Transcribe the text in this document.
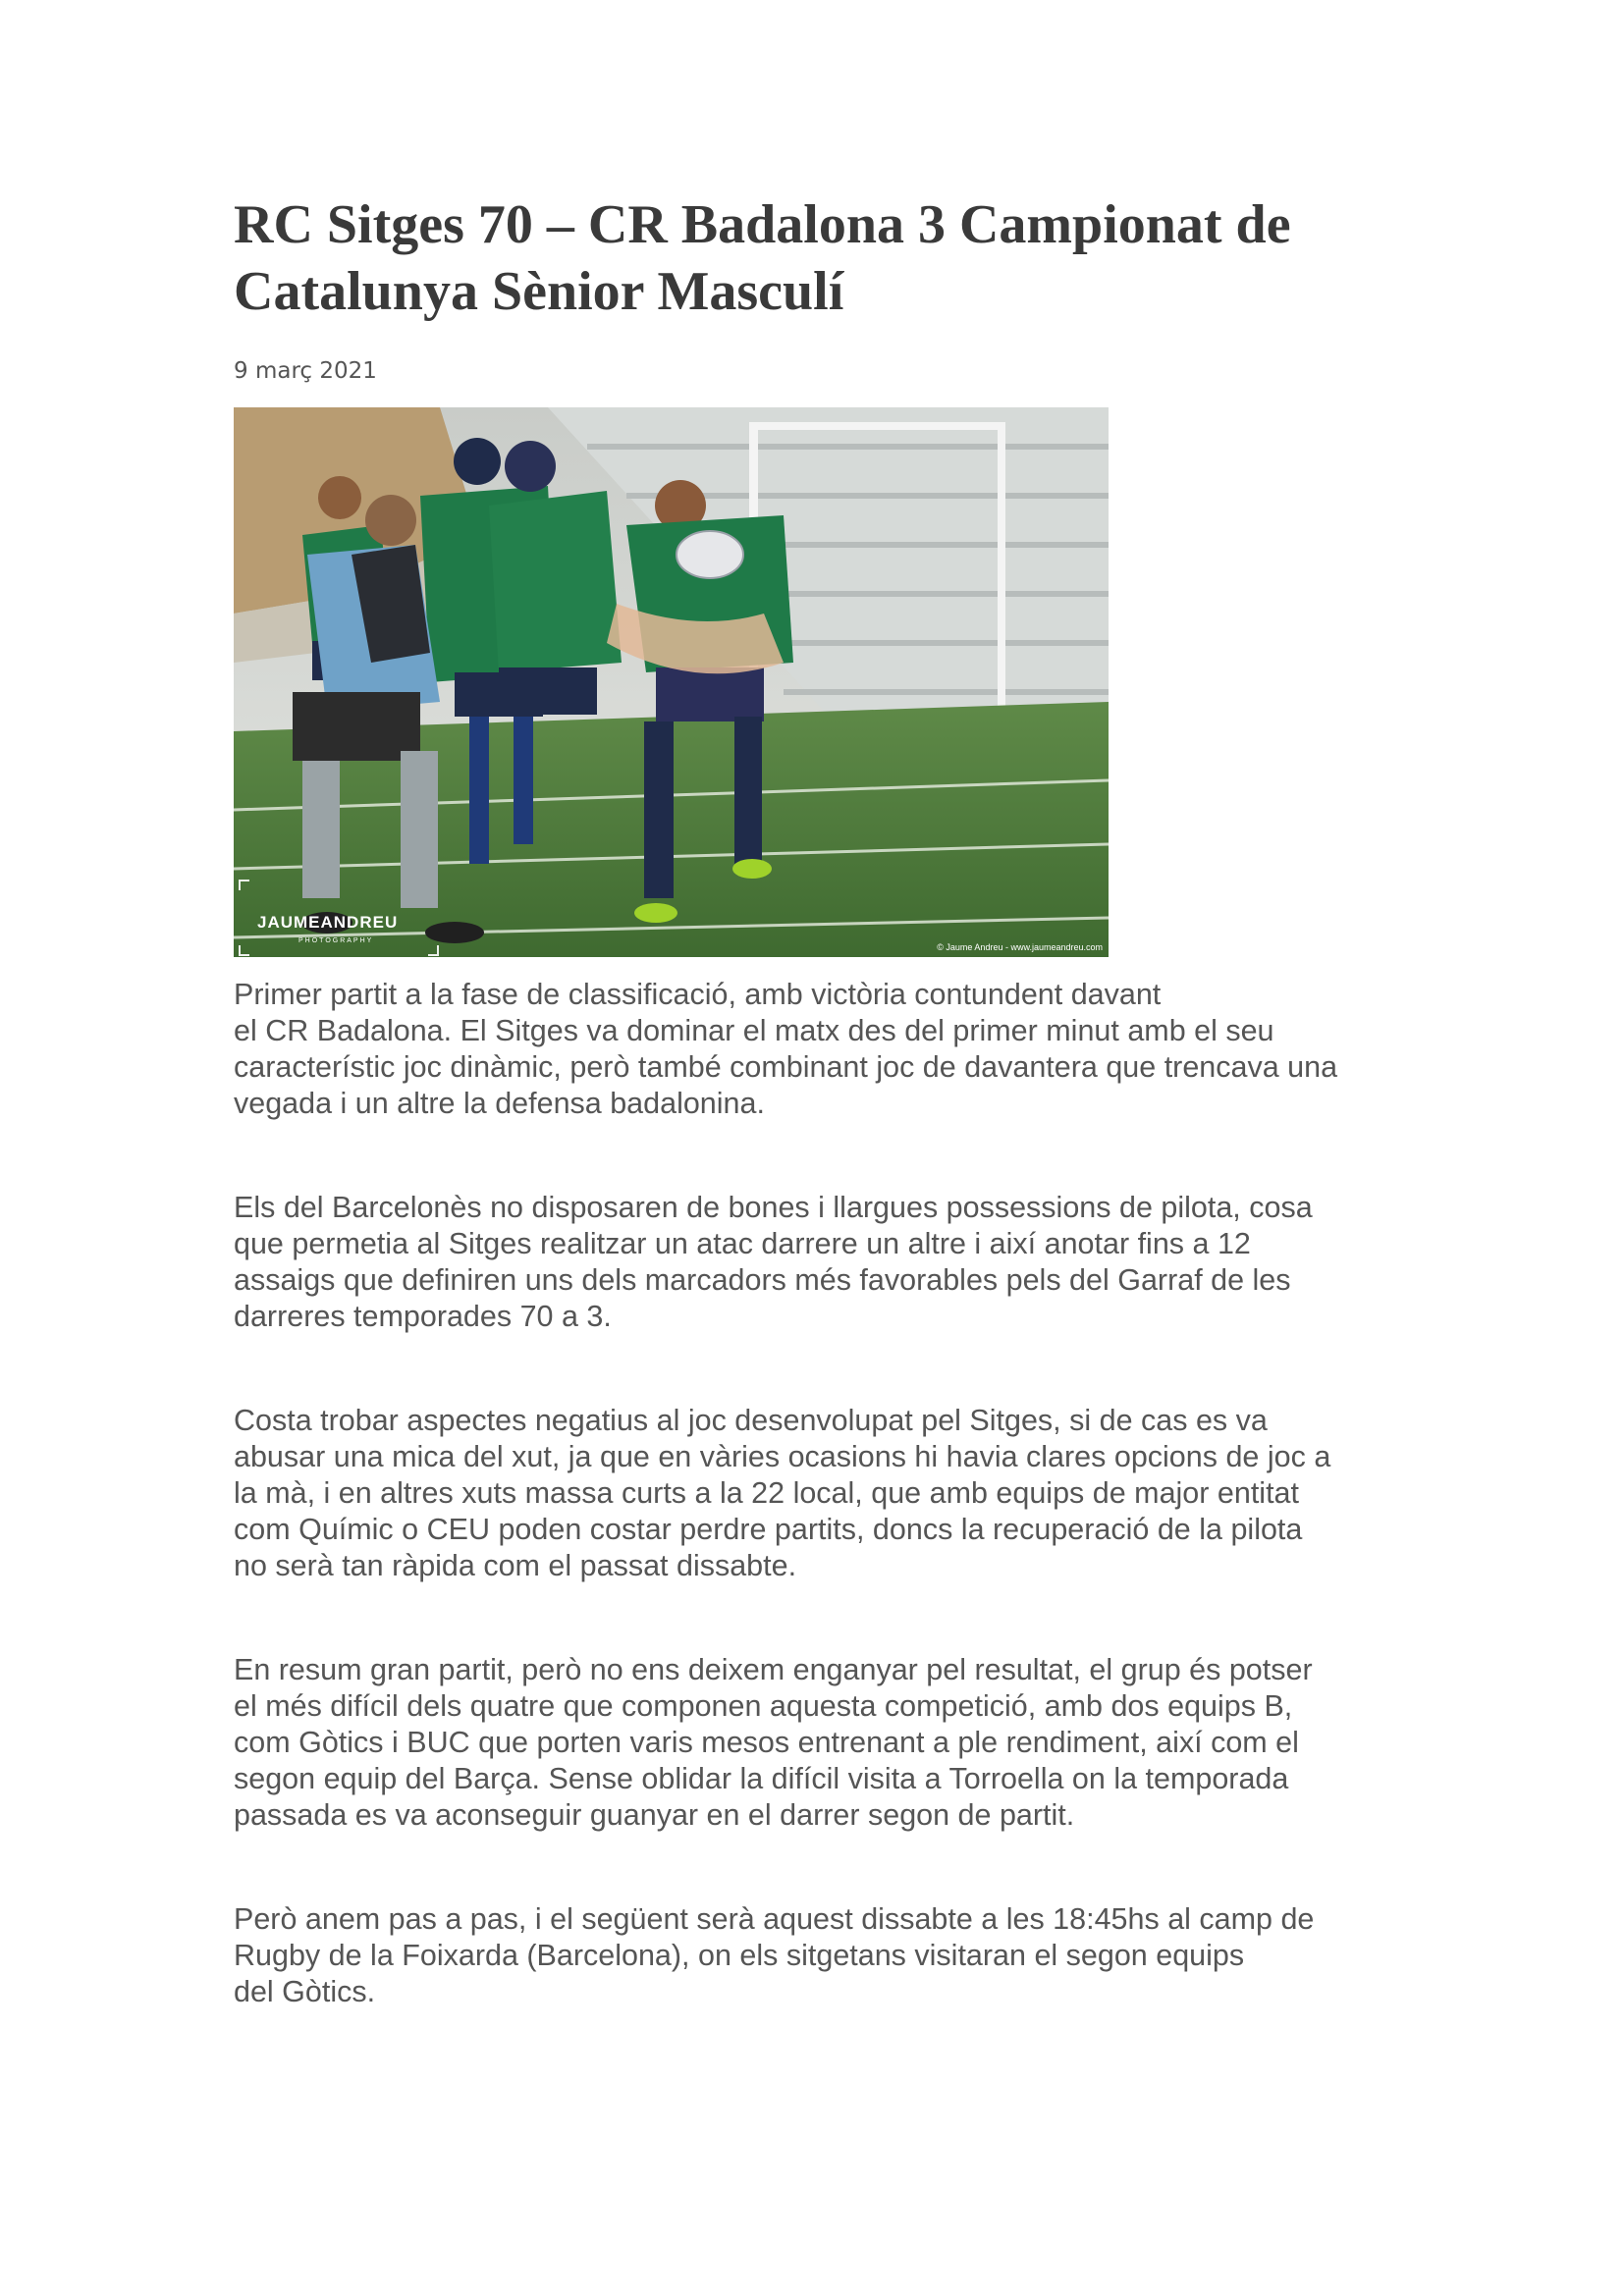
RC Sitges 70 – CR Badalona 3 Campionat de
Catalunya Sènior Masculí
9 març 2021
JAUMEANDREU
PHOTOGRAPHY
© Jaume Andreu - www.jaumeandreu.com

Primer partit a la fase de classificació, amb victòria contundent davant
el CR Badalona. El Sitges va dominar el matx des del primer minut amb el seu
característic joc dinàmic, però també combinant joc de davantera que trencava una
vegada i un altre la defensa badalonina.

Els del Barcelonès no disposaren de bones i llargues possessions de pilota, cosa
que permetia al Sitges realitzar un atac darrere un altre i així anotar fins a 12
assaigs que definiren uns dels marcadors més favorables pels del Garraf de les
darreres temporades 70 a 3.

Costa trobar aspectes negatius al joc desenvolupat pel Sitges, si de cas es va
abusar una mica del xut, ja que en vàries ocasions hi havia clares opcions de joc a
la mà, i en altres xuts massa curts a la 22 local, que amb equips de major entitat
com Químic o CEU poden costar perdre partits, doncs la recuperació de la pilota
no serà tan ràpida com el passat dissabte.

En resum gran partit, però no ens deixem enganyar pel resultat, el grup és potser
el més difícil dels quatre que componen aquesta competició, amb dos equips B,
com Gòtics i BUC que porten varis mesos entrenant a ple rendiment, així com el
segon equip del Barça. Sense oblidar la difícil visita a Torroella on la temporada
passada es va aconseguir guanyar en el darrer segon de partit.

Però anem pas a pas, i el següent serà aquest dissabte a les 18:45hs al camp de
Rugby de la Foixarda (Barcelona), on els sitgetans visitaran el segon equips
del Gòtics.
